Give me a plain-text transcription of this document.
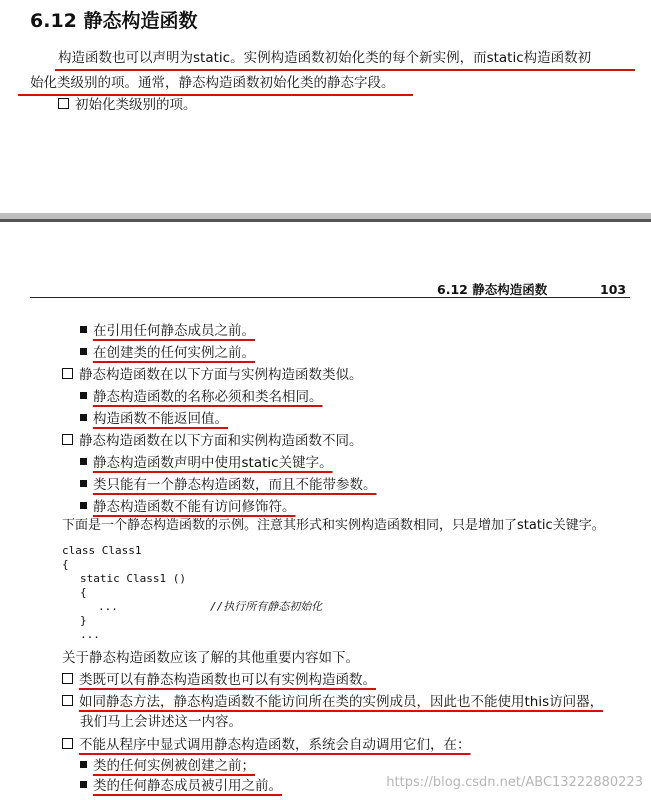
6.12 静态构造函数
构造函数也可以声明为static。实例构造函数初始化类的每个新实例，而static构造函数初
始化类级别的项。通常，静态构造函数初始化类的静态字段。
初始化类级别的项。
6.12 静态构造函数	103
在引用任何静态成员之前。
在创建类的任何实例之前。
静态构造函数在以下方面与实例构造函数类似。
静态构造函数的名称必须和类名相同。
构造函数不能返回值。
静态构造函数在以下方面和实例构造函数不同。
静态构造函数声明中使用static关键字。
类只能有一个静态构造函数，而且不能带参数。
静态构造函数不能有访问修饰符。
下面是一个静态构造函数的示例。注意其形式和实例构造函数相同，只是增加了static关键字。
class Class1
{
static Class1 ()
{
...	//执行所有静态初始化
}
...
关于静态构造函数应该了解的其他重要内容如下。
类既可以有静态构造函数也可以有实例构造函数。
如同静态方法，静态构造函数不能访问所在类的实例成员，因此也不能使用this访问器，
我们马上会讲述这一内容。
不能从程序中显式调用静态构造函数，系统会自动调用它们，在：
类的任何实例被创建之前；
类的任何静态成员被引用之前。	https://blog.csdn.net/ABC13222880223
